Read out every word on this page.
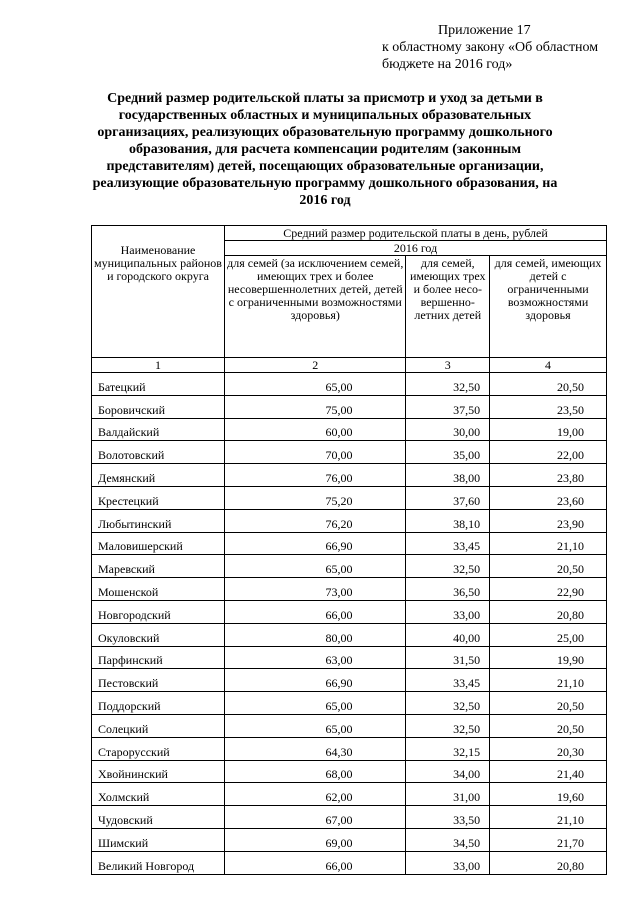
Приложение 17
к областному закону «Об областном
бюджете на 2016 год»
Средний размер родительской платы за присмотр и уход за детьми в государственных областных и муниципальных образовательных организациях, реализующих образовательную программу дошкольного образования, для расчета компенсации родителям (законным представителям) детей, посещающих образовательные организации, реализующие образовательную программу дошкольного образования, на 2016 год
Наименование муниципальных районов и городского округа	Средний размер родительской платы в день, рублей		
	2016 год		
	для семей (за исключением семей, имеющих трех и более несовершеннолетних детей, детей с ограниченными возможностями здоровья)	для семей, имеющих трех и более несо-вершенно-летних детей	для семей, имеющих детей с ограниченными возможностями здоровья
1	2	3	4
Батецкий	65,00	32,50	20,50
Боровичский	75,00	37,50	23,50
Валдайский	60,00	30,00	19,00
Волотовский	70,00	35,00	22,00
Демянский	76,00	38,00	23,80
Крестецкий	75,20	37,60	23,60
Любытинский	76,20	38,10	23,90
Маловишерский	66,90	33,45	21,10
Маревский	65,00	32,50	20,50
Мошенской	73,00	36,50	22,90
Новгородский	66,00	33,00	20,80
Окуловский	80,00	40,00	25,00
Парфинский	63,00	31,50	19,90
Пестовский	66,90	33,45	21,10
Поддорский	65,00	32,50	20,50
Солецкий	65,00	32,50	20,50
Старорусский	64,30	32,15	20,30
Хвойнинский	68,00	34,00	21,40
Холмский	62,00	31,00	19,60
Чудовский	67,00	33,50	21,10
Шимский	69,00	34,50	21,70
Великий Новгород	66,00	33,00	20,80
